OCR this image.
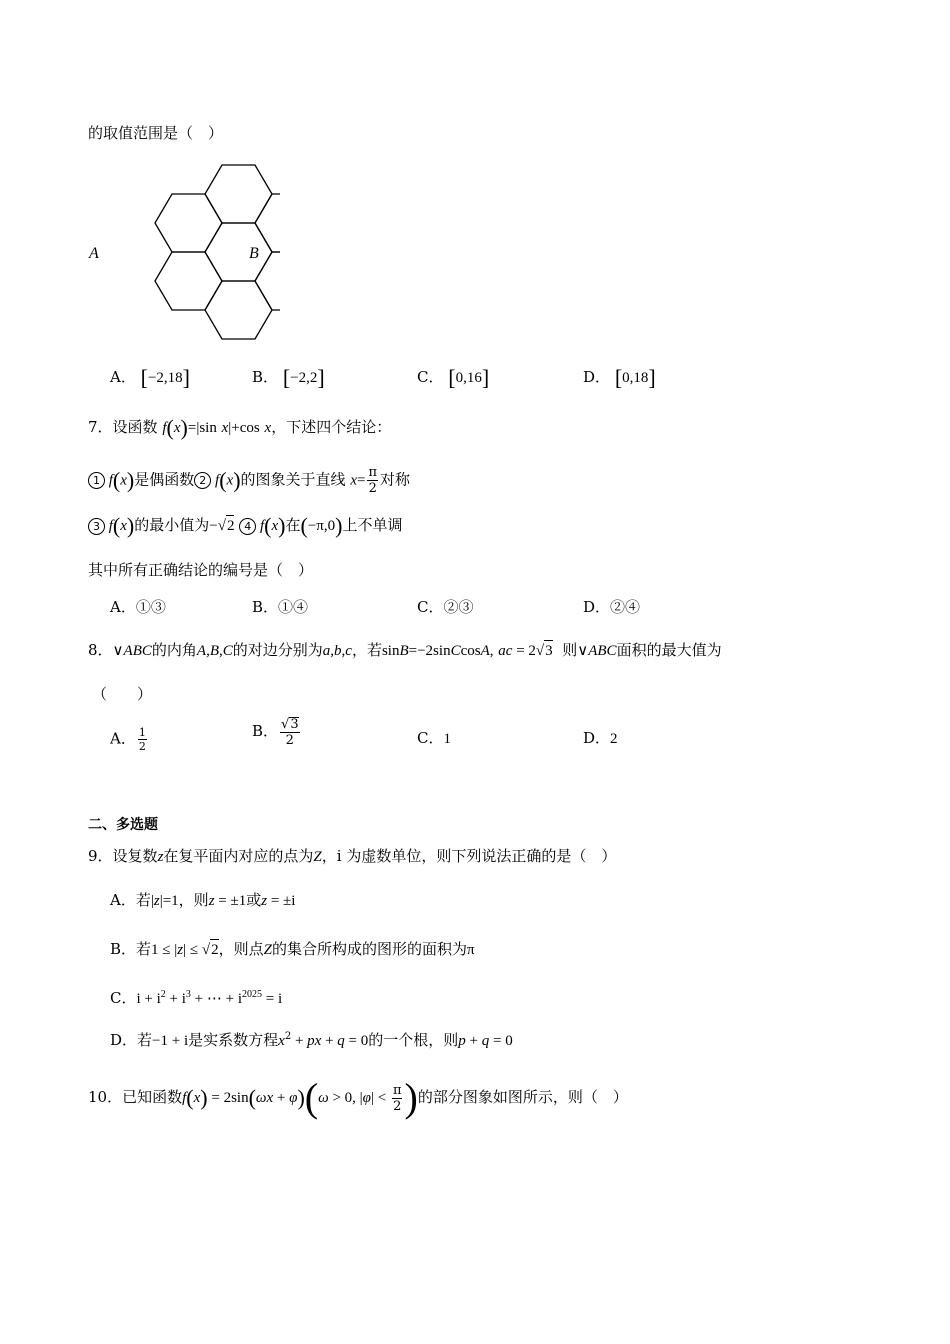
的取值范围是（　）
A	B
A． [−2,18]	B． [−2,2]	C． [0,16]	D． [0,18]
7．设函数 f(x)=|sin x|+cos x，下述四个结论：
1 f(x)是偶函数 2 f(x)的图象关于直线 $x= \frac{\pi}{2}$ 对称
3 f(x)的最小值为−√2 4 f(x)在(−π,0)上不单调
其中所有正确结论的编号是（　）
A．①③	B．①④	C．②③	D．②④
8．∨ABC的内角A,B,C的对边分别为a,b,c，若sinB=−2sinCcosA, ac = 2√3 则∨ABC面积的最大值为
（　　）
A． $\frac{1}{2}$	B． $\frac{√3}{2}$	C．1	D．2
二、多选题
9．设复数z在复平面内对应的点为Z，i 为虚数单位，则下列说法正确的是（　）
A．若|z|=1，则z = ±1或z = ±i
B．若1 ≤ |z| ≤ √2，则点Z的集合所构成的图形的面积为π
C．$i + i^2 + i^3$ + ⋯ + $i^{2025} = i$
D．若−1 + i是实系数方程$x^2$ + px + q = 0的一个根，则p + q = 0
10．已知函数f(x) = 2sin(ωx + φ)(ω > 0, $|\varphi| < \frac{\pi}{2}$ )的部分图象如图所示，则（　）
